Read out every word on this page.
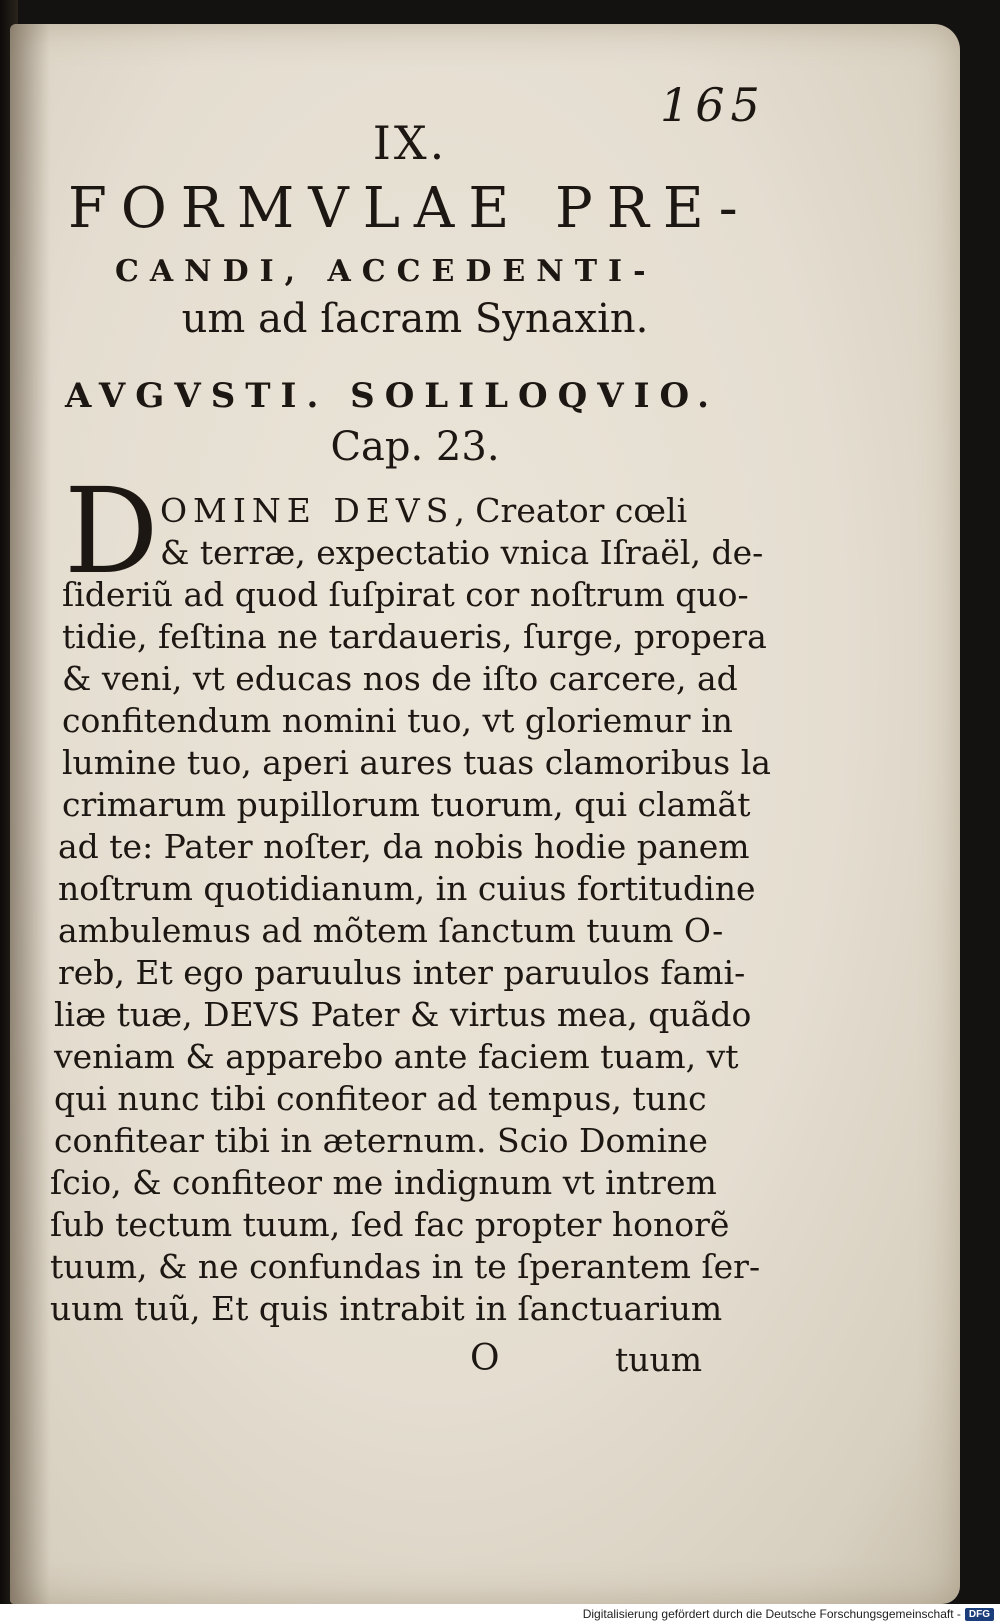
165
IX.
FORMVLAE PRE-
CANDI, ACCEDENTI-
um ad ſacram Synaxin.
AVGVSTI. SOLILOQVIO.
Cap. 23.
D OMINE DEVS, Creator cœli
& terræ, expectatio vnica Iſraël, de-
ſideriũ ad quod ſuſpirat cor noſtrum quo-
tidie, feſtina ne tardaueris, ſurge, propera
& veni, vt educas nos de iſto carcere, ad
confitendum nomini tuo, vt gloriemur in
lumine tuo, aperi aures tuas clamoribus la
crimarum pupillorum tuorum, qui clamãt
ad te: Pater noſter, da nobis hodie panem
noſtrum quotidianum, in cuius fortitudine
ambulemus ad mõtem ſanctum tuum O-
reb, Et ego paruulus inter paruulos fami-
liæ tuæ, DEVS Pater & virtus mea, quãdo
veniam & apparebo ante faciem tuam, vt
qui nunc tibi confiteor ad tempus, tunc
confitear tibi in æternum. Scio Domine
ſcio, & confiteor me indignum vt intrem
ſub tectum tuum, ſed fac propter honorẽ
tuum, & ne confundas in te ſperantem ſer-
uum tuũ, Et quis intrabit in ſanctuarium
O	tuum
Digitalisierung gefördert durch die Deutsche Forschungsgemeinschaft - DFG
